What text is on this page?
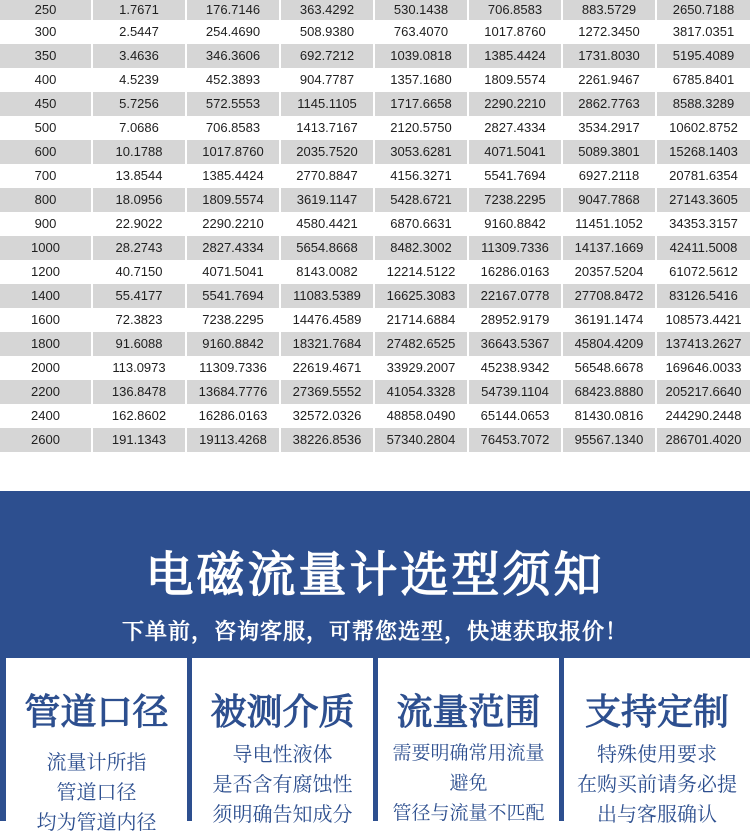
250	1.7671	176.7146	363.4292	530.1438	706.8583	883.5729	2650.7188
300	2.5447	254.4690	508.9380	763.4070	1017.8760	1272.3450	3817.0351
350	3.4636	346.3606	692.7212	1039.0818	1385.4424	1731.8030	5195.4089
400	4.5239	452.3893	904.7787	1357.1680	1809.5574	2261.9467	6785.8401
450	5.7256	572.5553	1145.1105	1717.6658	2290.2210	2862.7763	8588.3289
500	7.0686	706.8583	1413.7167	2120.5750	2827.4334	3534.2917	10602.8752
600	10.1788	1017.8760	2035.7520	3053.6281	4071.5041	5089.3801	15268.1403
700	13.8544	1385.4424	2770.8847	4156.3271	5541.7694	6927.2118	20781.6354
800	18.0956	1809.5574	3619.1147	5428.6721	7238.2295	9047.7868	27143.3605
900	22.9022	2290.2210	4580.4421	6870.6631	9160.8842	11451.1052	34353.3157
1000	28.2743	2827.4334	5654.8668	8482.3002	11309.7336	14137.1669	42411.5008
1200	40.7150	4071.5041	8143.0082	12214.5122	16286.0163	20357.5204	61072.5612
1400	55.4177	5541.7694	11083.5389	16625.3083	22167.0778	27708.8472	83126.5416
1600	72.3823	7238.2295	14476.4589	21714.6884	28952.9179	36191.1474	108573.4421
1800	91.6088	9160.8842	18321.7684	27482.6525	36643.5367	45804.4209	137413.2627
2000	113.0973	11309.7336	22619.4671	33929.2007	45238.9342	56548.6678	169646.0033
2200	136.8478	13684.7776	27369.5552	41054.3328	54739.1104	68423.8880	205217.6640
2400	162.8602	16286.0163	32572.0326	48858.0490	65144.0653	81430.0816	244290.2448
2600	191.1343	19113.4268	38226.8536	57340.2804	76453.7072	95567.1340	286701.4020
电磁流量计选型须知
下单前，咨询客服，可帮您选型，快速获取报价！
管道口径
流量计所指
管道口径
均为管道内径
被测介质
导电性液体
是否含有腐蚀性
须明确告知成分
流量范围
需要明确常用流量
避免
管径与流量不匹配
支持定制
特殊使用要求
在购买前请务必提
出与客服确认
